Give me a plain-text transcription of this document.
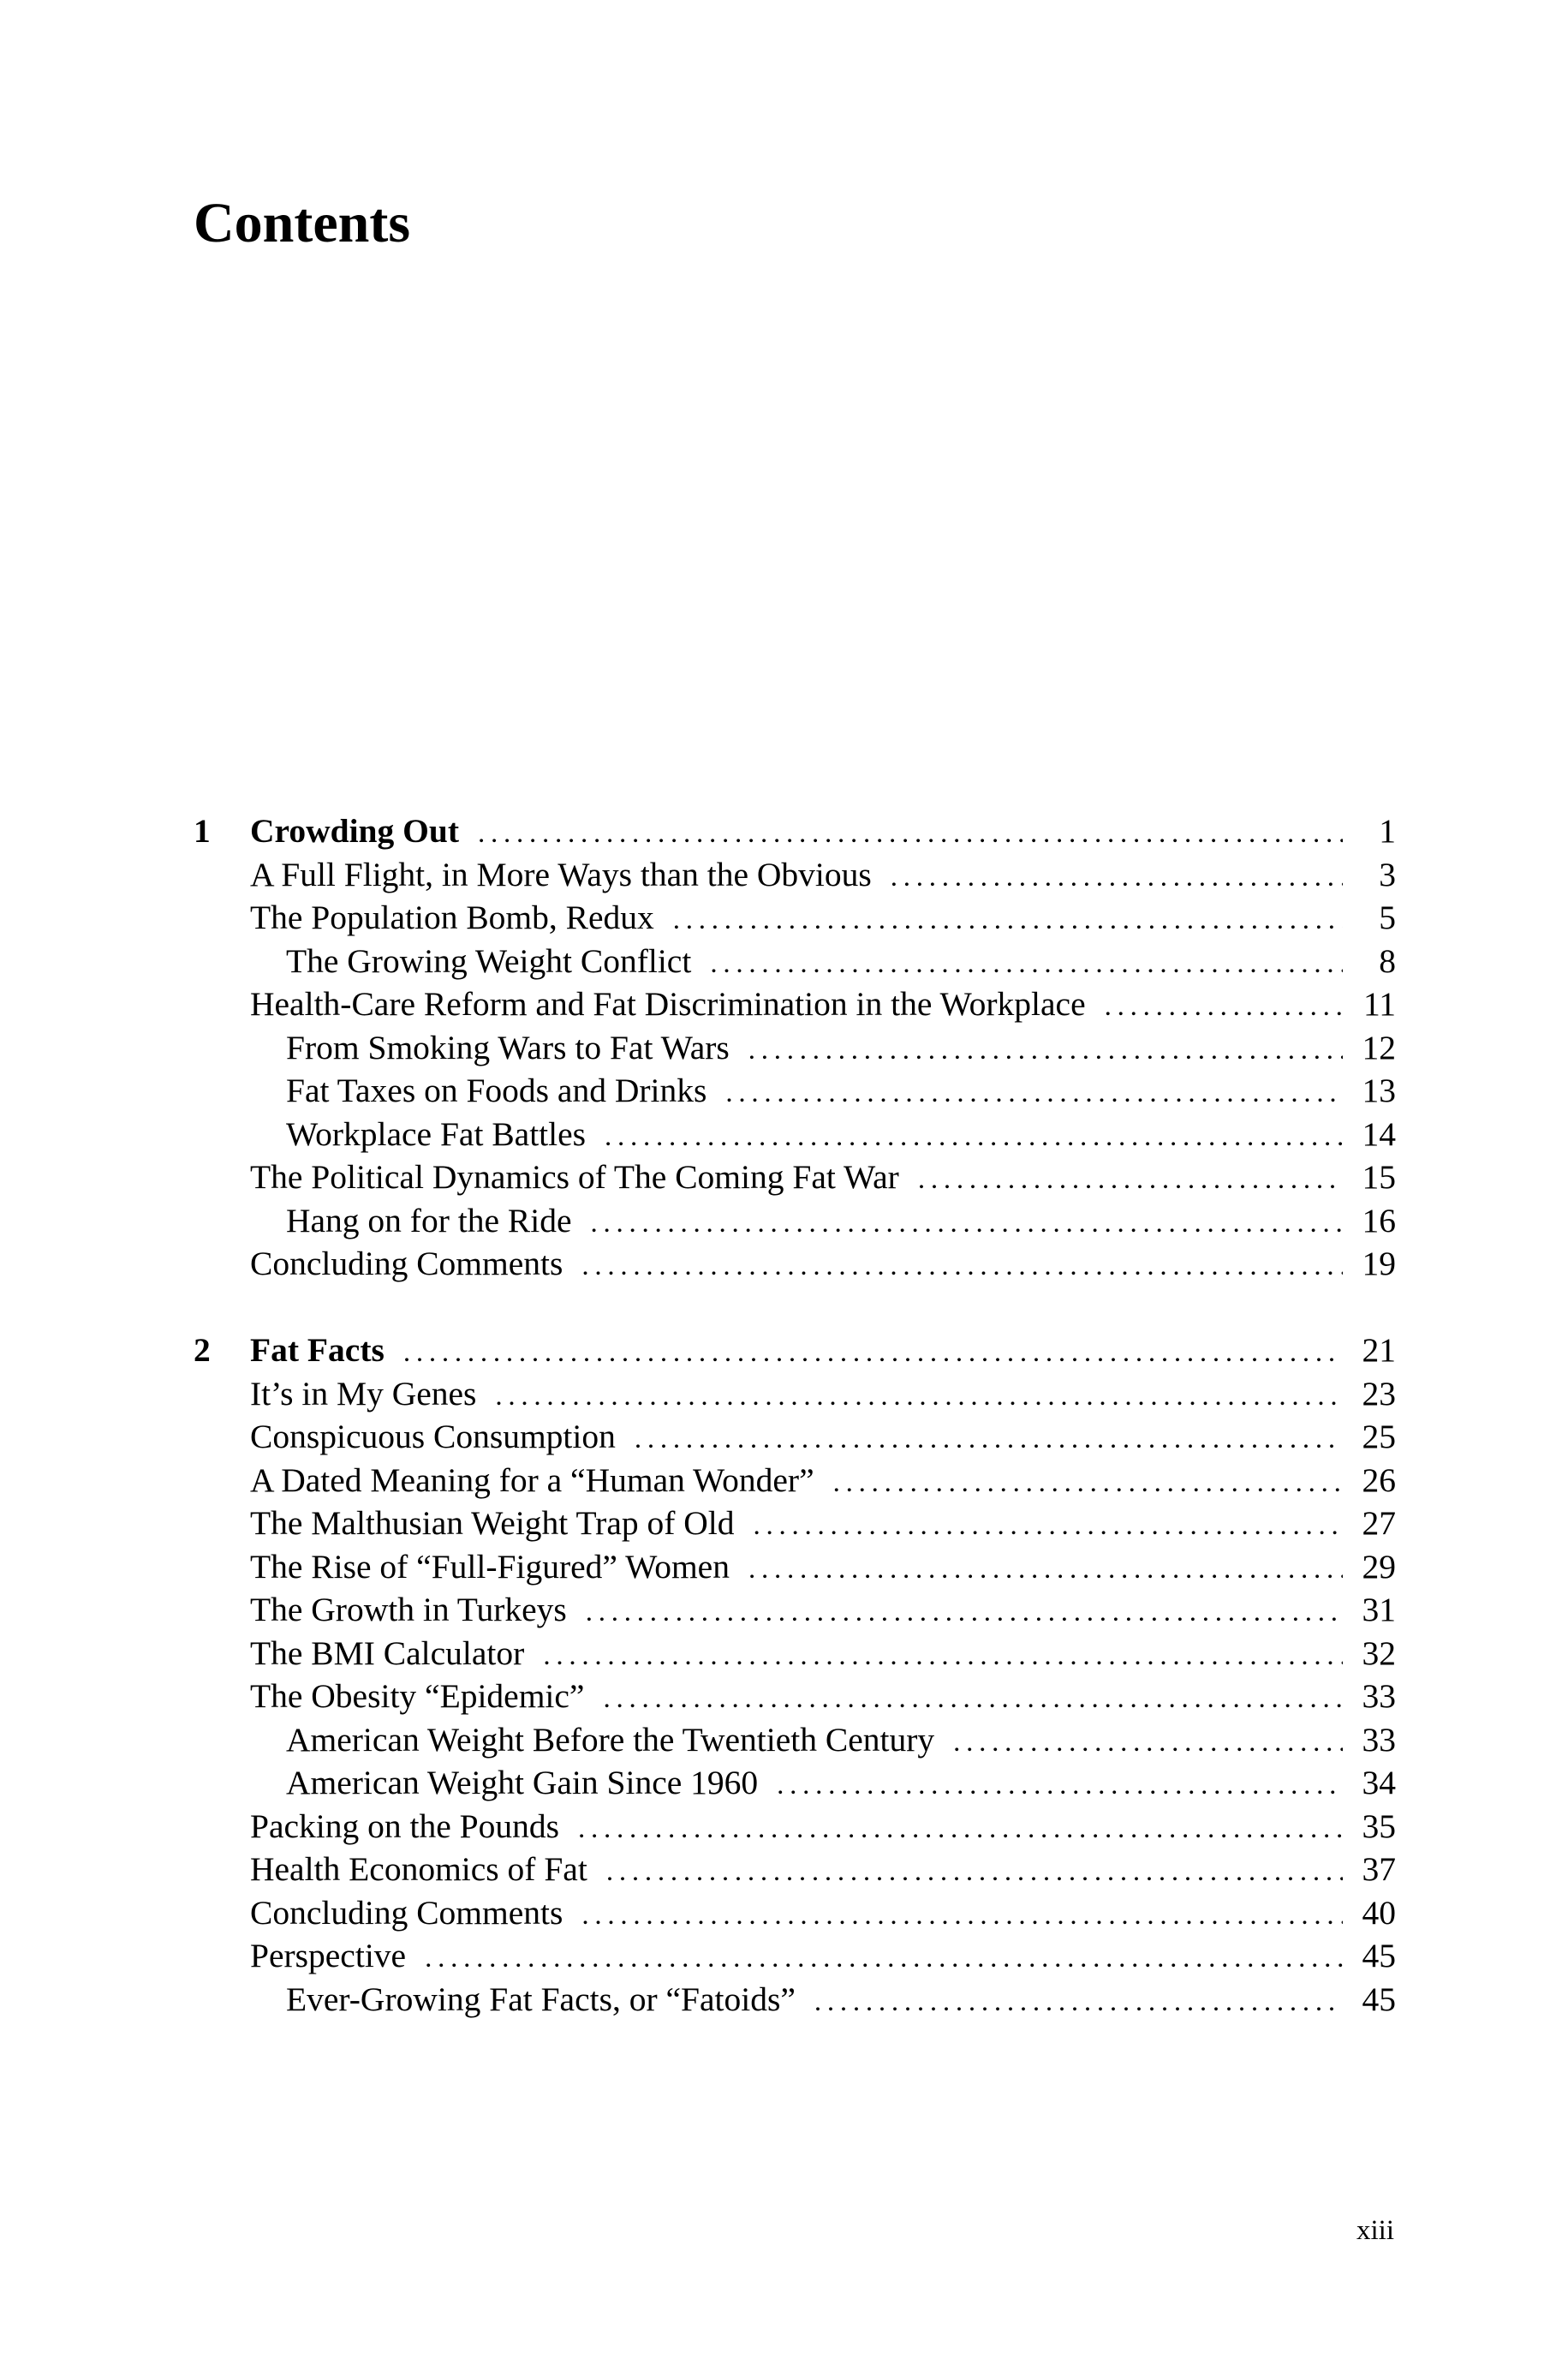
Contents
1	Crowding Out . . .	1
A Full Flight, in More Ways than the Obvious . . .	3
The Population Bomb, Redux . . .	5
The Growing Weight Conflict . . .	8
Health-Care Reform and Fat Discrimination in the Workplace . . .	11
From Smoking Wars to Fat Wars . . .	12
Fat Taxes on Foods and Drinks . . .	13
Workplace Fat Battles . . .	14
The Political Dynamics of The Coming Fat War . . .	15
Hang on for the Ride . . .	16
Concluding Comments . . .	19
2	Fat Facts . . .	21
It’s in My Genes . . .	23
Conspicuous Consumption . . .	25
A Dated Meaning for a “Human Wonder” . . .	26
The Malthusian Weight Trap of Old . . .	27
The Rise of “Full-Figured” Women . . .	29
The Growth in Turkeys . . .	31
The BMI Calculator . . .	32
The Obesity “Epidemic” . . .	33
American Weight Before the Twentieth Century . . .	33
American Weight Gain Since 1960 . . .	34
Packing on the Pounds . . .	35
Health Economics of Fat . . .	37
Concluding Comments . . .	40
Perspective . . .	45
Ever-Growing Fat Facts, or “Fatoids” . . .	45
xiii
